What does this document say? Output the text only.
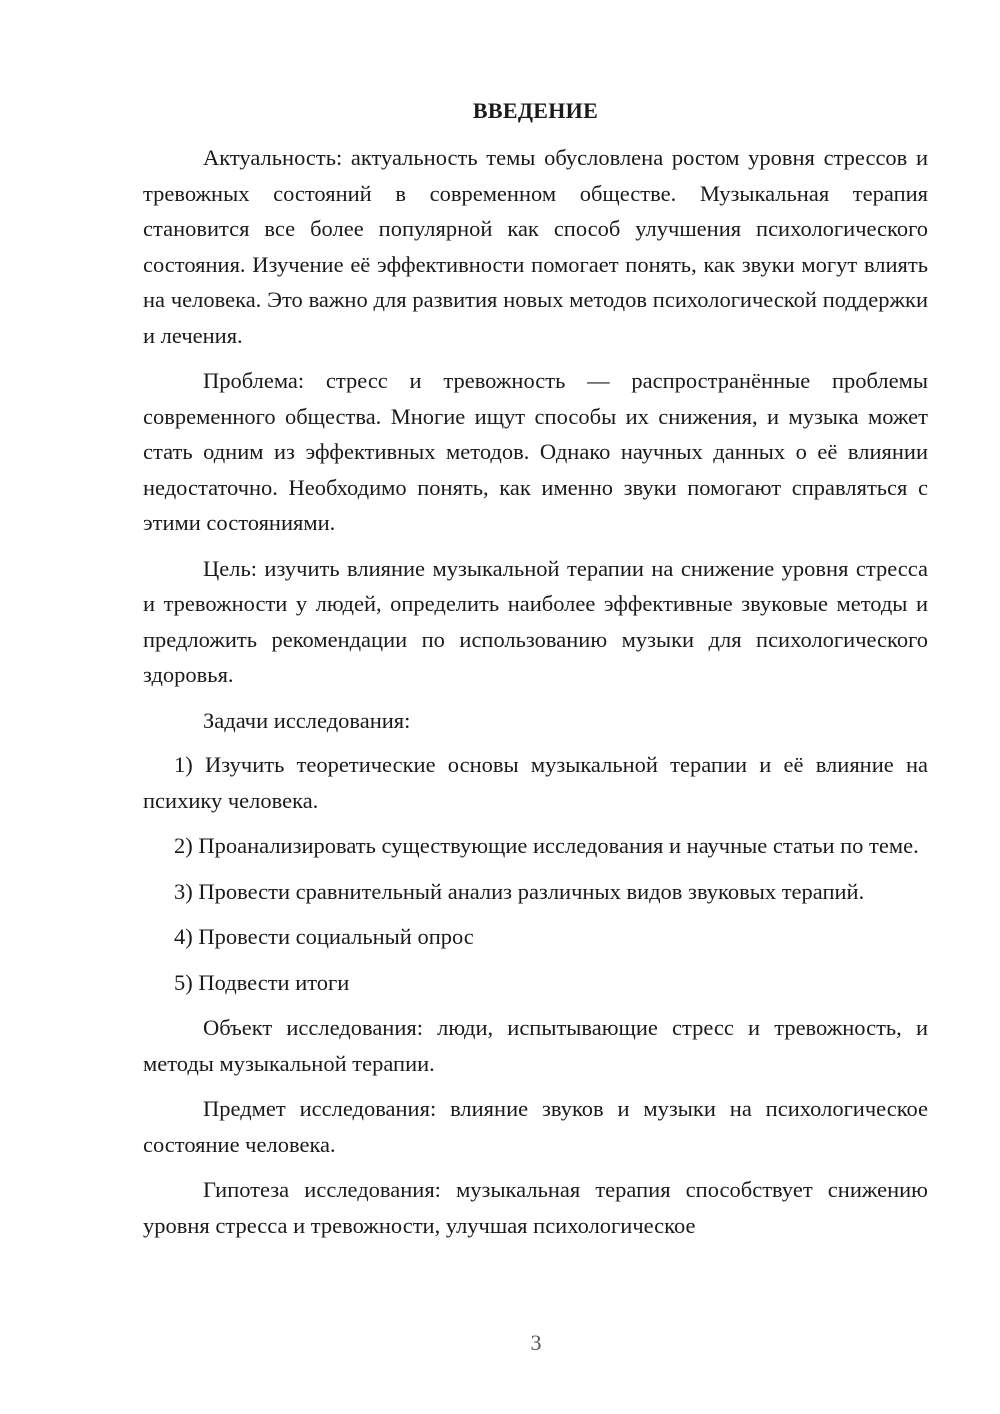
ВВЕДЕНИЕ

Актуальность: актуальность темы обусловлена ростом уровня стрессов и тревожных состояний в современном обществе. Музыкальная терапия становится все более популярной как способ улучшения психологического состояния. Изучение её эффективности помогает понять, как звуки могут влиять на человека. Это важно для развития новых методов психологической поддержки и лечения.

Проблема: стресс и тревожность — распространённые проблемы современного общества. Многие ищут способы их снижения, и музыка может стать одним из эффективных методов. Однако научных данных о её влиянии недостаточно. Необходимо понять, как именно звуки помогают справляться с этими состояниями.

Цель: изучить влияние музыкальной терапии на снижение уровня стресса и тревожности у людей, определить наиболее эффективные звуковые методы и предложить рекомендации по использованию музыки для психологического здоровья.

Задачи исследования:

1) Изучить теоретические основы музыкальной терапии и её влияние на психику человека.

2) Проанализировать существующие исследования и научные статьи по теме.

3) Провести сравнительный анализ различных видов звуковых терапий.

4) Провести социальный опрос

5) Подвести итоги

Объект исследования: люди, испытывающие стресс и тревожность, и методы музыкальной терапии.

Предмет исследования: влияние звуков и музыки на психологическое состояние человека.

Гипотеза исследования: музыкальная терапия способствует снижению уровня стресса и тревожности, улучшая психологическое

3
